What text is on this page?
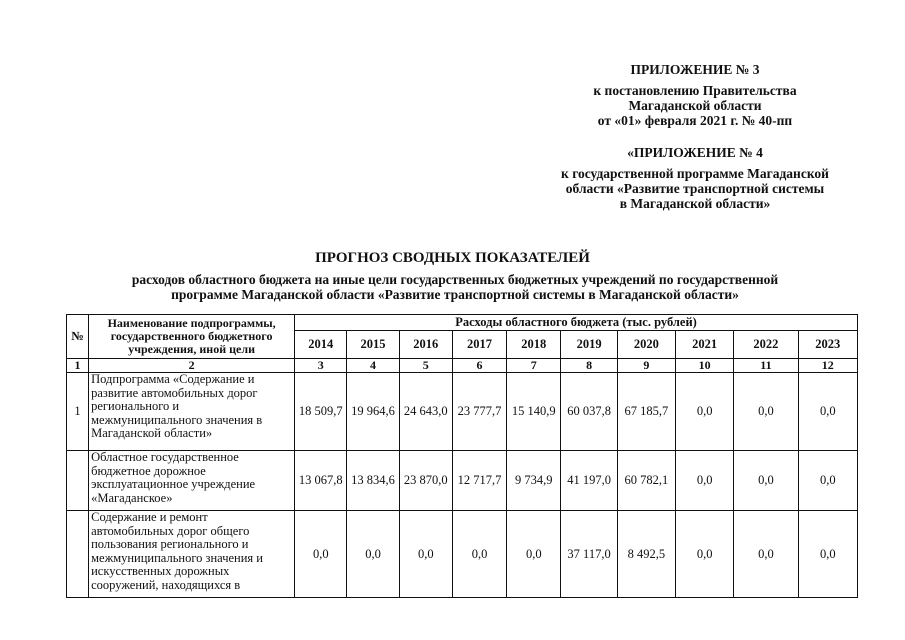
ПРИЛОЖЕНИЕ № 3
к постановлению Правительства
Магаданской области
от «01» февраля 2021 г. № 40-пп
«ПРИЛОЖЕНИЕ № 4
к государственной программе Магаданской
области «Развитие транспортной системы
в Магаданской области»
ПРОГНОЗ СВОДНЫХ ПОКАЗАТЕЛЕЙ
расходов областного бюджета на иные цели государственных бюджетных учреждений по государственной
программе Магаданской области «Развитие транспортной системы в Магаданской области»
№	Наименование подпрограммы, государственного бюджетного учреждения, иной цели	Расходы областного бюджета (тыс. рублей)									
		2014	2015	2016	2017	2018	2019	2020	2021	2022	2023
1	2	3	4	5	6	7	8	9	10	11	12
1	Подпрограмма «Содержание и развитие автомобильных дорог регионального и межмуниципального значения в Магаданской области»	18 509,7	19 964,6	24 643,0	23 777,7	15 140,9	60 037,8	67 185,7	0,0	0,0	0,0
	Областное государственное бюджетное дорожное эксплуатационное учреждение «Магаданское»	13 067,8	13 834,6	23 870,0	12 717,7	9 734,9	41 197,0	60 782,1	0,0	0,0	0,0

	Содержание и ремонт автомобильных дорог общего пользования регионального и межмуниципального значения и искусственных дорожных сооружений, находящихся в	0,0	0,0	0,0	0,0	0,0	37 117,0	8 492,5	0,0	0,0	0,0
